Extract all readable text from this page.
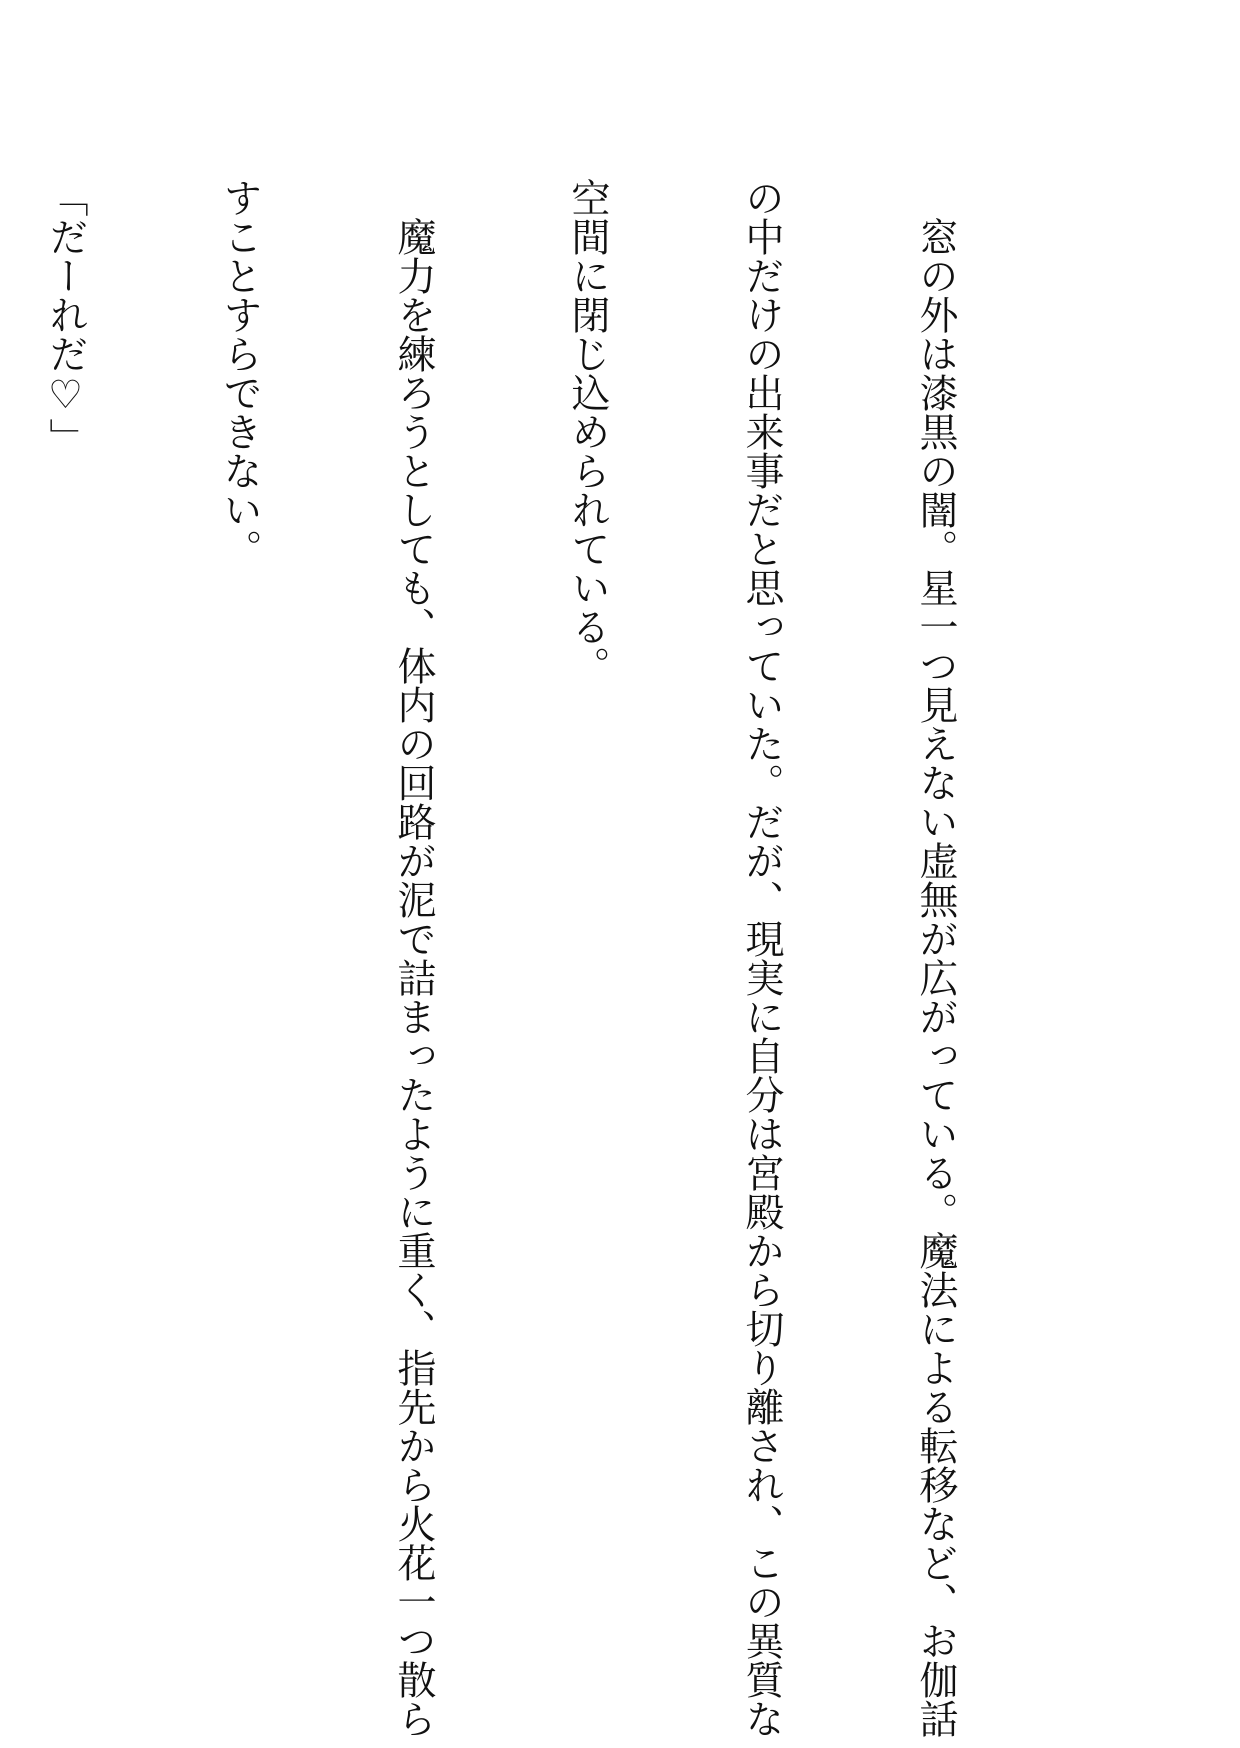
　窓の外は漆黒の闇。星一つ見えない虚無が広がっている。魔法による転移など、お伽話

の中だけの出来事だと思っていた。だが、現実に自分は宮殿から切り離され、この異質な

空間に閉じ込められている。

　魔力を練ろうとしても、体内の回路が泥で詰まったように重く、指先から火花一つ散ら

すことすらできない。

「だーれだ♡」
